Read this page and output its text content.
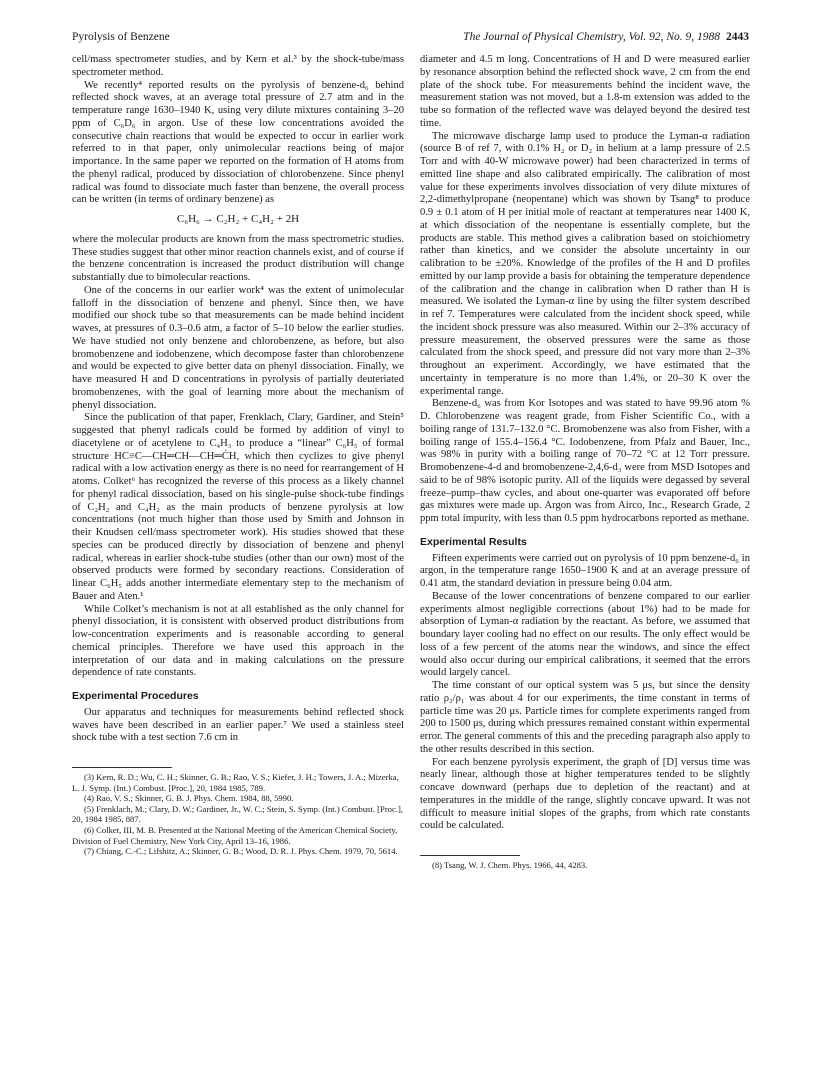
Pyrolysis of Benzene	The Journal of Physical Chemistry, Vol. 92, No. 9, 1988 2443

cell/mass spectrometer studies, and by Kern et al.³ by the shock-tube/mass spectrometer method.

We recently⁴ reported results on the pyrolysis of benzene-d₆ behind reflected shock waves, at an average total pressure of 2.7 atm and in the temperature range 1630–1940 K, using very dilute mixtures containing 3–20 ppm of C₆D₆ in argon. Use of these low concentrations avoided the consecutive chain reactions that would be expected to occur in earlier work referred to in that paper, only unimolecular reactions being of major importance. In the same paper we reported on the formation of H atoms from the phenyl radical, produced by dissociation of chlorobenzene. Since phenyl radical was found to dissociate much faster than benzene, the overall process can be written (in terms of ordinary benzene) as

C₆H₆ → C₂H₂ + C₄H₂ + 2H

where the molecular products are known from the mass spectrometric studies. These studies suggest that other minor reaction channels exist, and of course if the benzene concentration is increased the product distribution will change substantially due to bimolecular reactions.

One of the concerns in our earlier work⁴ was the extent of unimolecular falloff in the dissociation of benzene and phenyl. Since then, we have modified our shock tube so that measurements can be made behind incident waves, at pressures of 0.3–0.6 atm, a factor of 5–10 below the earlier studies. We have studied not only benzene and chlorobenzene, as before, but also bromobenzene and iodobenzene, which decompose faster than chlorobenzene and would be expected to give better data on phenyl dissociation. Finally, we have measured H and D concentrations in pyrolysis of partially deuteriated bromobenzenes, with the goal of learning more about the mechanism of phenyl dissociation.

Since the publication of that paper, Frenklach, Clary, Gardiner, and Stein⁵ suggested that phenyl radicals could be formed by addition of vinyl to diacetylene or of acetylene to C₄H₃ to produce a “linear” C₆H₅ of formal structure HC≡C—CH═CH—CH═ĊH, which then cyclizes to give phenyl radical with a low activation energy as there is no need for rearrangement of H atoms. Colket⁶ has recognized the reverse of this process as a likely channel for phenyl radical dissociation, based on his single-pulse shock-tube findings of C₂H₂ and C₄H₂ as the main products of benzene pyrolysis at low concentrations (not much higher than those used by Smith and Johnson in their Knudsen cell/mass spectrometer work). His studies showed that these species can be produced directly by dissociation of benzene and phenyl radical, whereas in earlier shock-tube studies (other than our own) most of the observed products were formed by secondary reactions. Consideration of linear C₆H₅ adds another intermediate elementary step to the mechanism of Bauer and Aten.¹

While Colket’s mechanism is not at all established as the only channel for phenyl dissociation, it is consistent with observed product distributions from low-concentration experiments and is reasonable according to general chemical principles. Therefore we have used this approach in the interpretation of our data and in making calculations on the pressure dependence of rate constants.

Experimental Procedures

Our apparatus and techniques for measurements behind reflected shock waves have been described in an earlier paper.⁷ We used a stainless steel shock tube with a test section 7.6 cm in

(3) Kern, R. D.; Wu, C. H.; Skinner, G. B.; Rao, V. S.; Kiefer, J. H.; Towers, J. A.; Mizerka, L. J. Symp. (Int.) Combust. [Proc.], 20, 1984 1985, 789.

(4) Rao, V. S.; Skinner, G. B. J. Phys. Chem. 1984, 88, 5990.

(5) Frenklach, M.; Clary, D. W.; Gardiner, Jr., W. C.; Stein, S. Symp. (Int.) Combust. [Proc.], 20, 1984 1985, 887.

(6) Colket, III, M. B. Presented at the National Meeting of the American Chemical Society, Division of Fuel Chemistry, New York City, April 13–16, 1986.

(7) Chiang, C.-C.; Lifshitz, A.; Skinner, G. B.; Wood, D. R. J. Phys. Chem. 1979, 70, 5614.

diameter and 4.5 m long. Concentrations of H and D were measured earlier by resonance absorption behind the reflected shock wave, 2 cm from the end plate of the shock tube. For measurements behind the incident wave, the measurement station was not moved, but a 1.8-m extension was added to the tube so formation of the reflected wave was delayed beyond the desired test time.

The microwave discharge lamp used to produce the Lyman-α radiation (source B of ref 7, with 0.1% H₂ or D₂ in helium at a lamp pressure of 2.5 Torr and with 40-W microwave power) had been characterized in terms of emitted line shape and also calibrated empirically. The calibration of most value for these experiments involves dissociation of very dilute mixtures of 2,2-dimethylpropane (neopentane) which was shown by Tsang⁸ to produce 0.9 ± 0.1 atom of H per initial mole of reactant at temperatures near 1400 K, at which dissociation of the neopentane is essentially complete, but the products are stable. This method gives a calibration based on stoichiometry rather than kinetics, and we consider the absolute uncertainty in our calibration to be ±20%. Knowledge of the profiles of the H and D profiles emitted by our lamp provide a basis for obtaining the temperature dependence of the calibration and the change in calibration when D rather than H is measured. We isolated the Lyman-α line by using the filter system described in ref 7. Temperatures were calculated from the incident shock speed, while the incident shock pressure was also measured. Within our 2–3% accuracy of pressure measurement, the observed pressures were the same as those calculated from the shock speed, and pressure did not vary more than 2–3% throughout an experiment. Accordingly, we have estimated that the uncertainty in temperature is no more than 1.4%, or 20–30 K over the experimental range.

Benzene-d₆ was from Kor Isotopes and was stated to have 99.96 atom % D. Chlorobenzene was reagent grade, from Fisher Scientific Co., with a boiling range of 131.7–132.0 °C. Bromobenzene was also from Fisher, with a boiling range of 155.4–156.4 °C. Iodobenzene, from Pfalz and Bauer, Inc., was 98% in purity with a boiling range of 70–72 °C at 12 Torr pressure. Bromobenzene-4-d and bromobenzene-2,4,6-d₃ were from MSD Isotopes and said to be of 98% isotopic purity. All of the liquids were degassed by several freeze–pump–thaw cycles, and about one-quarter was evaporated off before gas mixtures were made up. Argon was from Airco, Inc., Research Grade, 2 ppm total impurity, with less than 0.5 ppm hydrocarbons reported as methane.

Experimental Results

Fifteen experiments were carried out on pyrolysis of 10 ppm benzene-d₆ in argon, in the temperature range 1650–1900 K and at an average pressure of 0.41 atm, the standard deviation in pressure being 0.04 atm.

Because of the lower concentrations of benzene compared to our earlier experiments almost negligible corrections (about 1%) had to be made for absorption of Lyman-α radiation by the reactant. As before, we assumed that boundary layer cooling had no effect on our results. The only effect would be loss of a few percent of the atoms near the windows, and since the effect would also occur during our empirical calibrations, it seemed that the errors would largely cancel.

The time constant of our optical system was 5 μs, but since the density ratio ρ₂/ρ₁ was about 4 for our experiments, the time constant in terms of particle time was 20 μs. Particle times for complete experiments ranged from 200 to 1500 μs, during which pressures remained constant within expermental error. The general comments of this and the preceding paragraph also apply to the other results described in this section.

For each benzene pyrolysis experiment, the graph of [D] versus time was nearly linear, although those at higher temperatures tended to be slightly concave downward (perhaps due to depletion of the reactant) and at temperatures in the middle of the range, slightly concave upward. It was not difficult to measure initial slopes of the graphs, from which rate constants could be calculated.

(8) Tsang, W. J. Chem. Phys. 1966, 44, 4283.
